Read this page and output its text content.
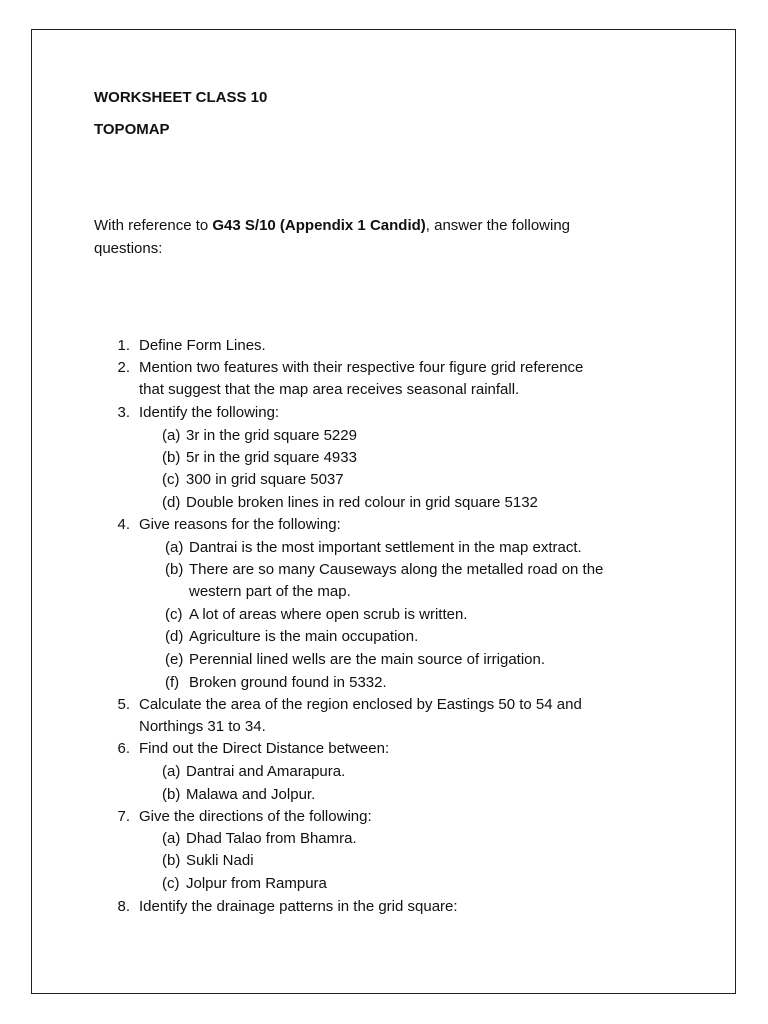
WORKSHEET CLASS 10
TOPOMAP
With reference to G43 S/10 (Appendix 1 Candid), answer the following
questions:
1. Define Form Lines.
2. Mention two features with their respective four figure grid reference
that suggest that the map area receives seasonal rainfall.
3. Identify the following:
(a) 3r in the grid square 5229
(b) 5r in the grid square 4933
(c) 300 in grid square 5037
(d) Double broken lines in red colour in grid square 5132
4. Give reasons for the following:
(a) Dantrai is the most important settlement in the map extract.
(b) There are so many Causeways along the metalled road on the
western part of the map.
(c) A lot of areas where open scrub is written.
(d) Agriculture is the main occupation.
(e) Perennial lined wells are the main source of irrigation.
(f) Broken ground found in 5332.
5. Calculate the area of the region enclosed by Eastings 50 to 54 and
Northings 31 to 34.
6. Find out the Direct Distance between:
(a) Dantrai and Amarapura.
(b) Malawa and Jolpur.
7. Give the directions of the following:
(a) Dhad Talao from Bhamra.
(b) Sukli Nadi
(c) Jolpur from Rampura
8. Identify the drainage patterns in the grid square:
